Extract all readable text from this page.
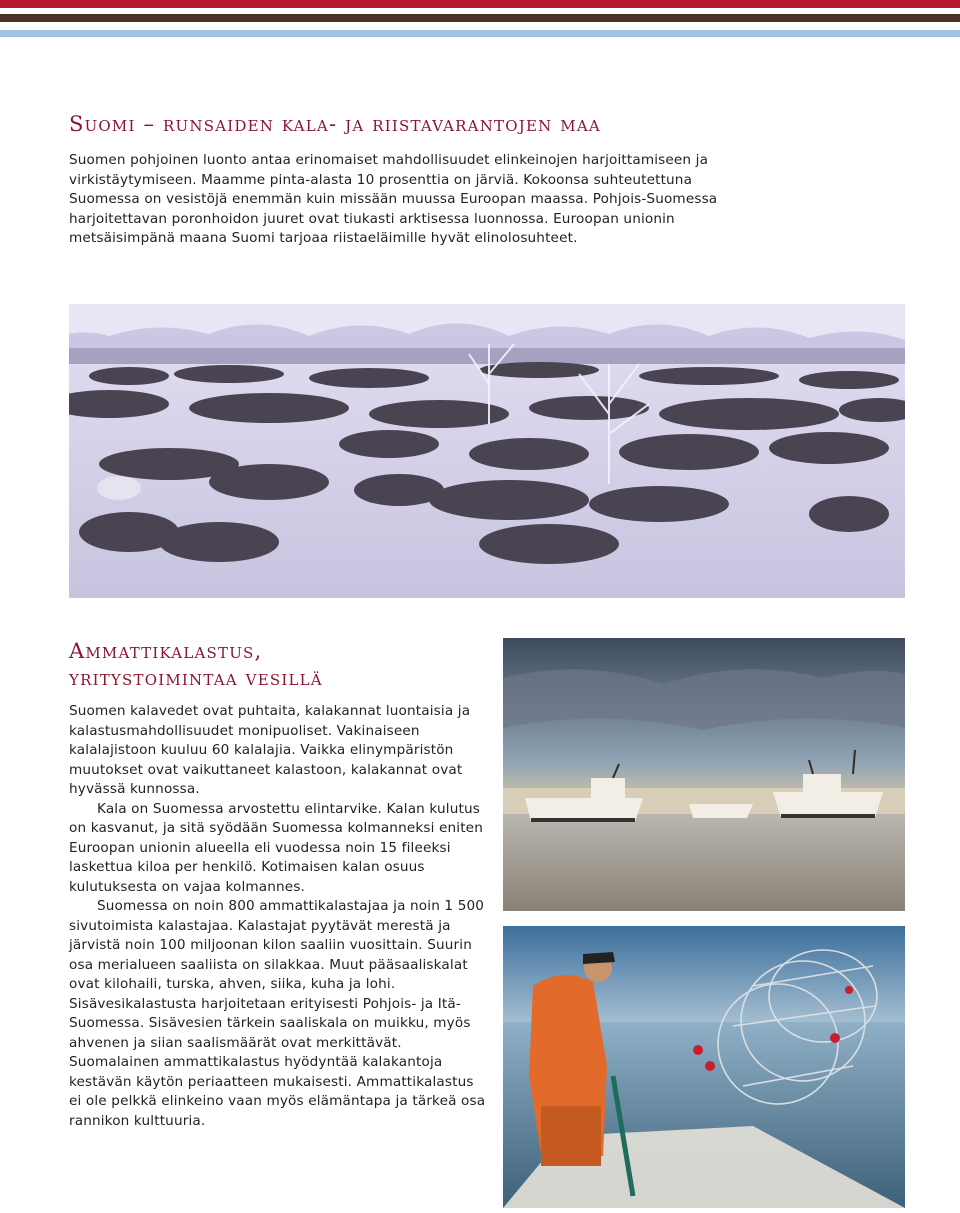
Suomi – runsaiden kala- ja riistavarantojen maa

Suomen pohjoinen luonto antaa erinomaiset mahdollisuudet elinkeinojen harjoittamiseen ja virkistäytymiseen. Maamme pinta-alasta 10 prosenttia on järviä. Kokoonsa suhteutettuna Suomessa on vesistöjä enemmän kuin missään muussa Euroopan maassa. Pohjois-Suomessa harjoitettavan poronhoidon juuret ovat tiukasti arktisessa luonnossa. Euroopan unionin metsäisimpänä maana Suomi tarjoaa riistaeläimille hyvät elinolosuhteet.

Ammattikalastus,
yritystoimintaa vesillä

Suomen kalavedet ovat puhtaita, kalakannat luontaisia ja kalastusmahdollisuudet monipuoliset. Vakinaiseen kalalajistoon kuuluu 60 kalalajia. Vaikka elinympäristön muutokset ovat vaikuttaneet kalastoon, kalakannat ovat hyvässä kunnossa.

Kala on Suomessa arvostettu elintarvike. Kalan kulutus on kasvanut, ja sitä syödään Suomessa kolmanneksi eniten Euroopan unionin alueella eli vuodessa noin 15 fileeksi laskettua kiloa per henkilö. Kotimaisen kalan osuus kulutuksesta on vajaa kolmannes.

Suomessa on noin 800 ammattikalastajaa ja noin 1 500 sivutoimista kalastajaa. Kalastajat pyytävät merestä ja järvistä noin 100 miljoonan kilon saaliin vuosittain. Suurin osa merialueen saaliista on silakkaa. Muut pääsaaliskalat ovat kilohaili, turska, ahven, siika, kuha ja lohi. Sisävesikalastusta harjoitetaan erityisesti Pohjois- ja Itä-Suomessa. Sisävesien tärkein saaliskala on muikku, myös ahvenen ja siian saalismäärät ovat merkittävät. Suomalainen ammattikalastus hyödyntää kalakantoja kestävän käytön periaatteen mukaisesti. Ammattikalastus ei ole pelkkä elinkeino vaan myös elämäntapa ja tärkeä osa rannikon kulttuuria.
